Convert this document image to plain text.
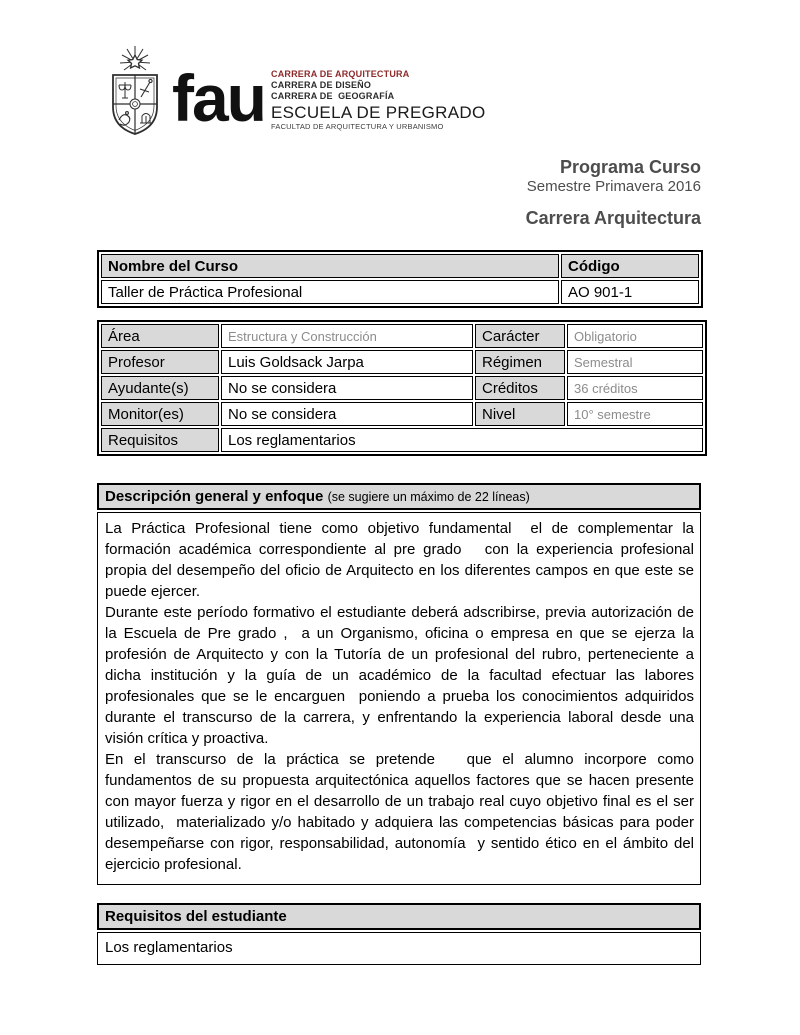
fau CARRERA DE ARQUITECTURA
CARRERA DE DISEÑO
CARRERA DE  GEOGRAFÍA
ESCUELA DE PREGRADO
FACULTAD DE ARQUITECTURA Y URBANISMO
Programa Curso
Semestre Primavera 2016
Carrera Arquitectura
Nombre del Curso	Código
Taller de Práctica Profesional	AO 901-1
Área	Estructura y Construcción	Carácter	Obligatorio
Profesor	Luis Goldsack Jarpa	Régimen	Semestral
Ayudante(s)	No se considera	Créditos	36 créditos
Monitor(es)	No se considera	Nivel	10° semestre
Requisitos	Los reglamentarios		
Descripción general y enfoque (se sugiere un máximo de 22 líneas)
La Práctica Profesional tiene como objetivo fundamental  el de complementar la formación académica correspondiente al pre grado   con la experiencia profesional propia del desempeño del oficio de Arquitecto en los diferentes campos en que este se puede ejercer.
Durante este período formativo el estudiante deberá adscribirse, previa autorización de la Escuela de Pre grado ,  a un Organismo, oficina o empresa en que se ejerza la profesión de Arquitecto y con la Tutoría de un profesional del rubro, perteneciente a dicha institución y la guía de un académico de la facultad efectuar las labores profesionales que se le encarguen  poniendo a prueba los conocimientos adquiridos durante el transcurso de la carrera, y enfrentando la experiencia laboral desde una visión crítica y proactiva.
En el transcurso de la práctica se pretende   que el alumno incorpore como fundamentos de su propuesta arquitectónica aquellos factores que se hacen presente con mayor fuerza y rigor en el desarrollo de un trabajo real cuyo objetivo final es el ser utilizado,  materializado y/o habitado y adquiera las competencias básicas para poder desempeñarse con rigor, responsabilidad, autonomía  y sentido ético en el ámbito del ejercicio profesional.
Requisitos del estudiante
Los reglamentarios
